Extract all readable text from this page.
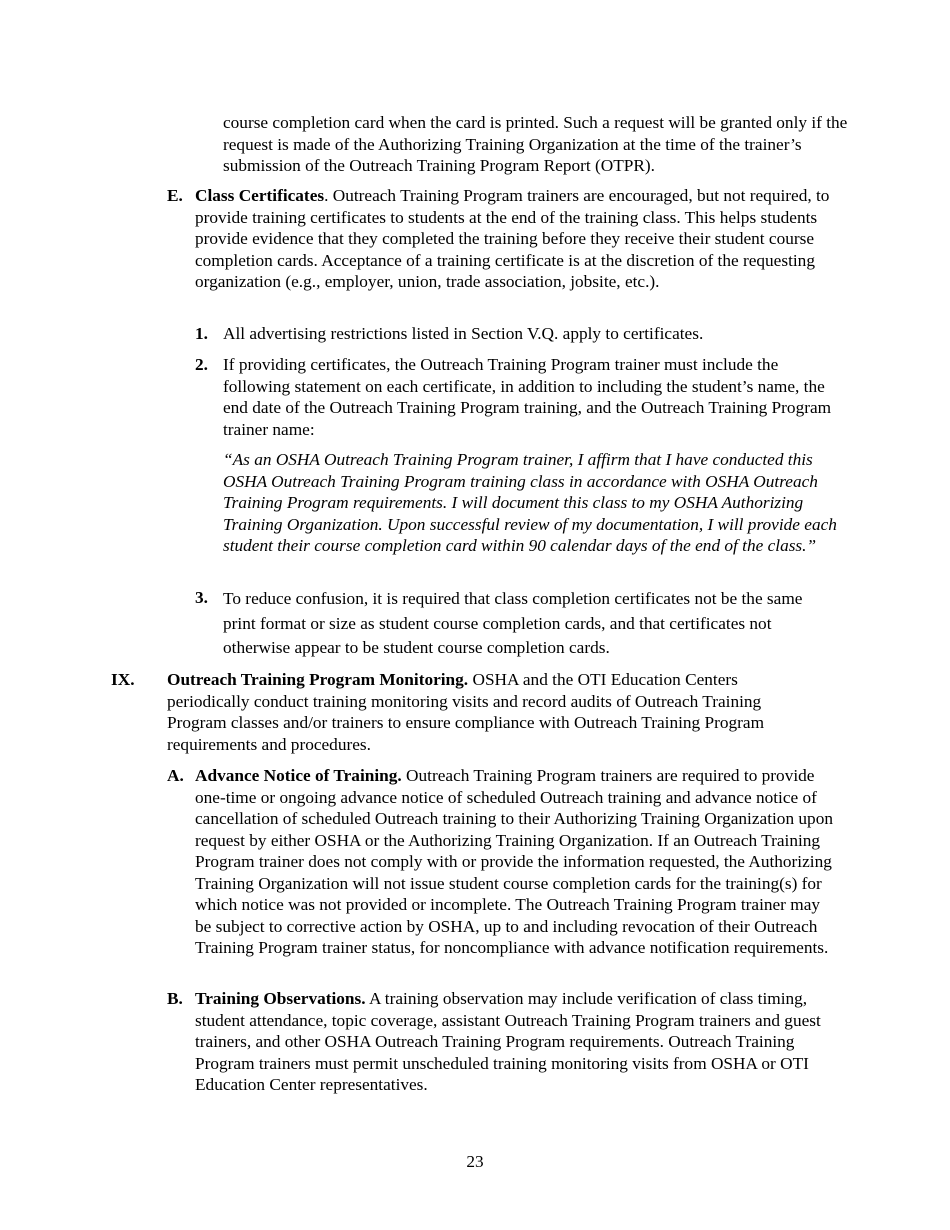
course completion card when the card is printed. Such a request will be granted only if the request is made of the Authorizing Training Organization at the time of the trainer’s submission of the Outreach Training Program Report (OTPR).

E. Class Certificates. Outreach Training Program trainers are encouraged, but not required, to provide training certificates to students at the end of the training class. This helps students provide evidence that they completed the training before they receive their student course completion cards. Acceptance of a training certificate is at the discretion of the requesting organization (e.g., employer, union, trade association, jobsite, etc.).

1. All advertising restrictions listed in Section V.Q. apply to certificates.

2. If providing certificates, the Outreach Training Program trainer must include the following statement on each certificate, in addition to including the student’s name, the end date of the Outreach Training Program training, and the Outreach Training Program trainer name:

“As an OSHA Outreach Training Program trainer, I affirm that I have conducted this OSHA Outreach Training Program training class in accordance with OSHA Outreach Training Program requirements. I will document this class to my OSHA Authorizing Training Organization. Upon successful review of my documentation, I will provide each student their course completion card within 90 calendar days of the end of the class.”

3. To reduce confusion, it is required that class completion certificates not be the same print format or size as student course completion cards, and that certificates not otherwise appear to be student course completion cards.

IX. Outreach Training Program Monitoring. OSHA and the OTI Education Centers periodically conduct training monitoring visits and record audits of Outreach Training Program classes and/or trainers to ensure compliance with Outreach Training Program requirements and procedures.

A. Advance Notice of Training. Outreach Training Program trainers are required to provide one-time or ongoing advance notice of scheduled Outreach training and advance notice of cancellation of scheduled Outreach training to their Authorizing Training Organization upon request by either OSHA or the Authorizing Training Organization. If an Outreach Training Program trainer does not comply with or provide the information requested, the Authorizing Training Organization will not issue student course completion cards for the training(s) for which notice was not provided or incomplete. The Outreach Training Program trainer may be subject to corrective action by OSHA, up to and including revocation of their Outreach Training Program trainer status, for noncompliance with advance notification requirements.

B. Training Observations. A training observation may include verification of class timing, student attendance, topic coverage, assistant Outreach Training Program trainers and guest trainers, and other OSHA Outreach Training Program requirements. Outreach Training Program trainers must permit unscheduled training monitoring visits from OSHA or OTI Education Center representatives.

23
